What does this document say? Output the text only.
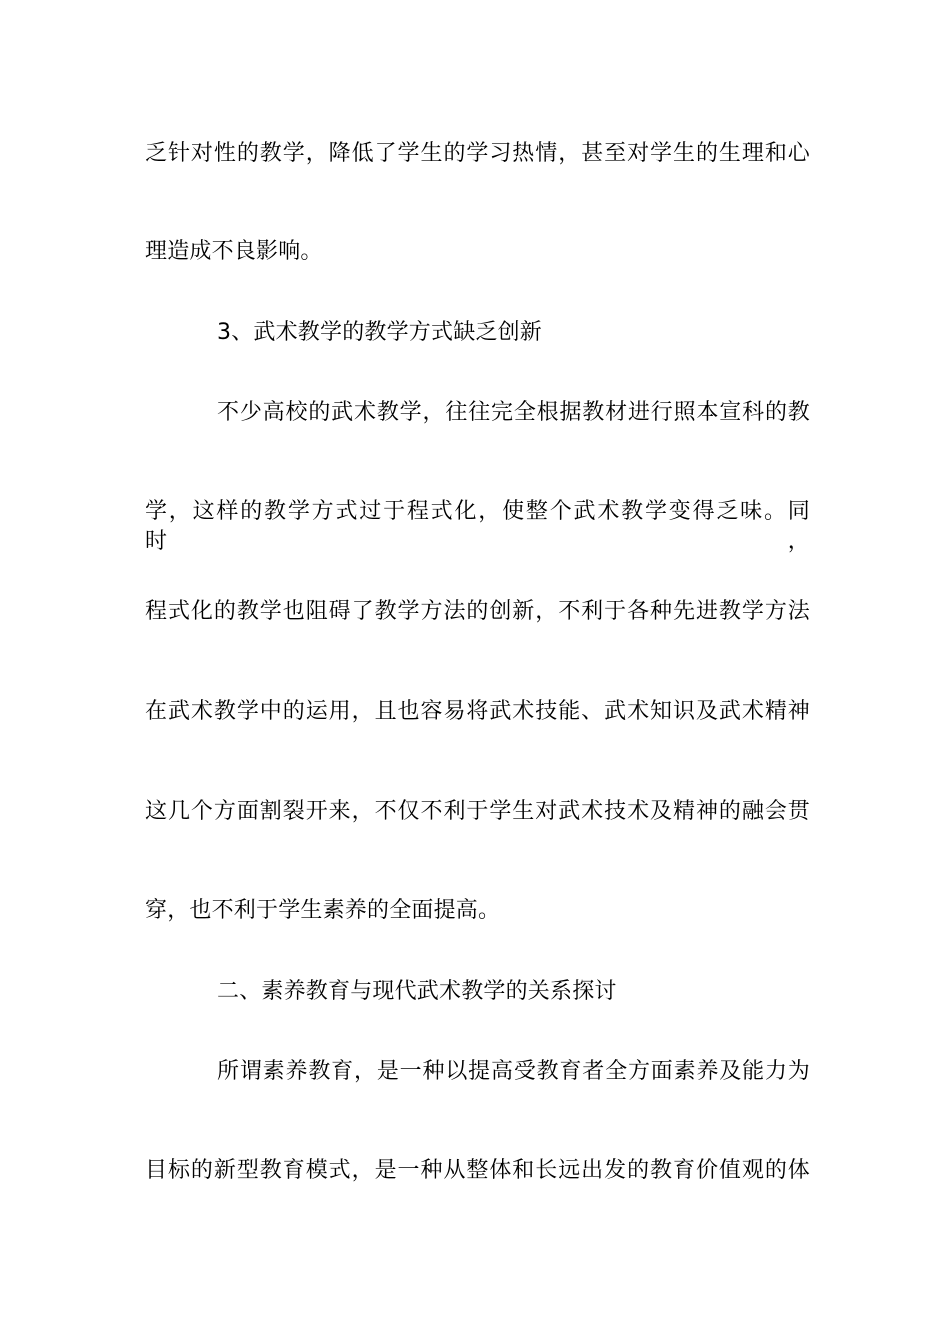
乏针对性的教学，降低了学生的学习热情，甚至对学生的生理和心
理造成不良影响。
3、武术教学的教学方式缺乏创新
不少高校的武术教学，往往完全根据教材进行照本宣科的教
学，这样的教学方式过于程式化，使整个武术教学变得乏味。同时，
程式化的教学也阻碍了教学方法的创新，不利于各种先进教学方法
在武术教学中的运用，且也容易将武术技能、武术知识及武术精神
这几个方面割裂开来，不仅不利于学生对武术技术及精神的融会贯
穿，也不利于学生素养的全面提高。
二、素养教育与现代武术教学的关系探讨
所谓素养教育，是一种以提高受教育者全方面素养及能力为
目标的新型教育模式，是一种从整体和长远出发的教育价值观的体
